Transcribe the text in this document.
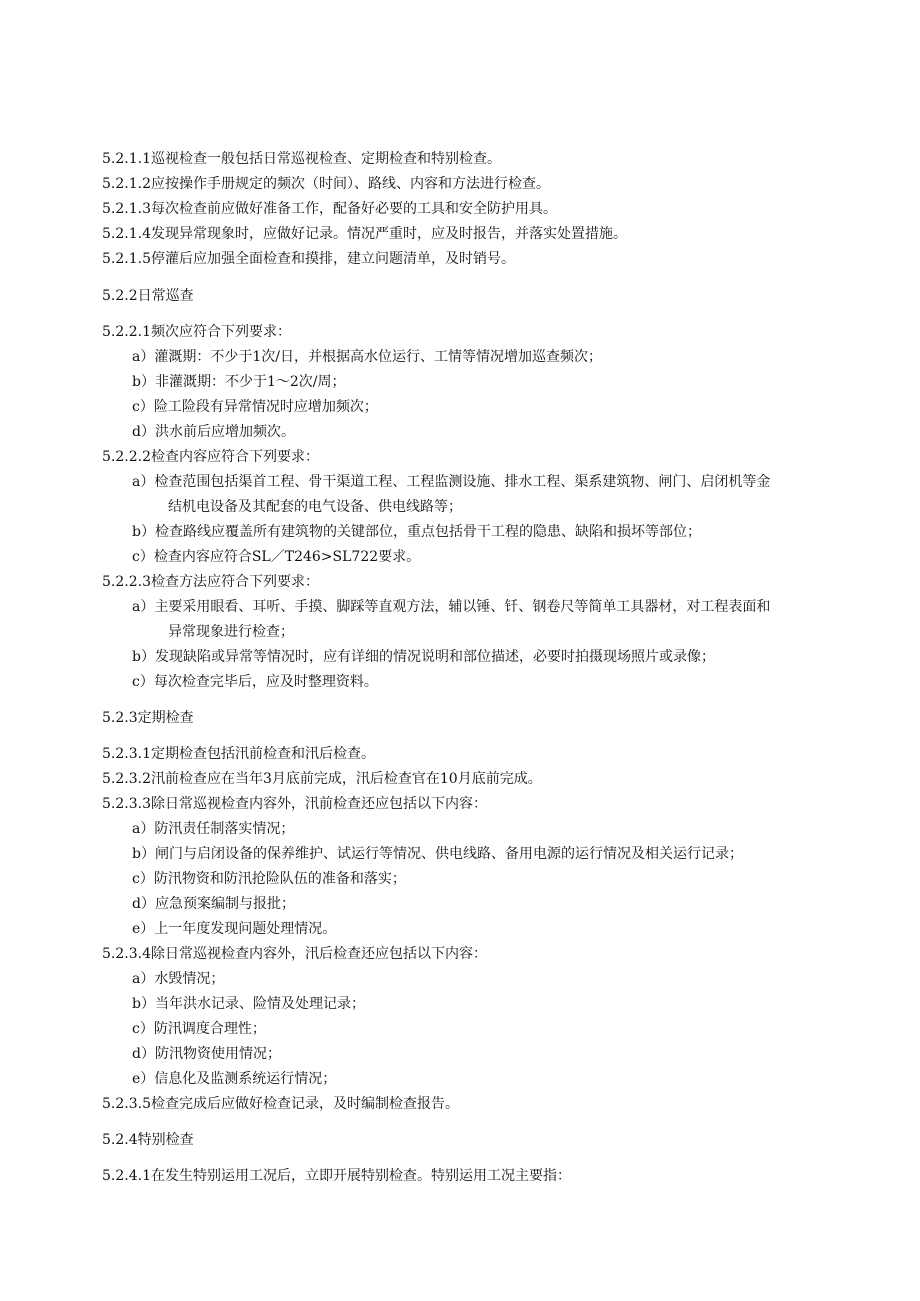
5.2.1.1巡视检查一般包括日常巡视检查、定期检查和特别检查。
5.2.1.2应按操作手册规定的频次（时间）、路线、内容和方法进行检查。
5.2.1.3每次检查前应做好准备工作，配备好必要的工具和安全防护用具。
5.2.1.4发现异常现象时，应做好记录。情况严重时，应及时报告，并落实处置措施。
5.2.1.5停灌后应加强全面检查和摸排，建立问题清单，及时销号。
5.2.2日常巡查
5.2.2.1频次应符合下列要求：
a）灌溉期：不少于1次/日，并根据高水位运行、工情等情况增加巡查频次；
b）非灌溉期：不少于1～2次/周；
c）险工险段有异常情况时应增加频次；
d）洪水前后应增加频次。
5.2.2.2检查内容应符合下列要求：
a）检查范围包括渠首工程、骨干渠道工程、工程监测设施、排水工程、渠系建筑物、闸门、启闭机等金
结机电设备及其配套的电气设备、供电线路等；
b）检查路线应覆盖所有建筑物的关键部位，重点包括骨干工程的隐患、缺陷和损坏等部位；
c）检查内容应符合SL／T246>SL722要求。
5.2.2.3检查方法应符合下列要求：
a）主要采用眼看、耳听、手摸、脚踩等直观方法，辅以锤、钎、钢卷尺等简单工具器材，对工程表面和
异常现象进行检查；
b）发现缺陷或异常等情况时，应有详细的情况说明和部位描述，必要时拍摄现场照片或录像；
c）每次检查完毕后，应及时整理资料。
5.2.3定期检查
5.2.3.1定期检查包括汛前检查和汛后检查。
5.2.3.2汛前检查应在当年3月底前完成，汛后检查官在10月底前完成。
5.2.3.3除日常巡视检查内容外，汛前检查还应包括以下内容：
a）防汛责任制落实情况；
b）闸门与启闭设备的保养维护、试运行等情况、供电线路、备用电源的运行情况及相关运行记录；
c）防汛物资和防汛抢险队伍的准备和落实；
d）应急预案编制与报批；
e）上一年度发现问题处理情况。
5.2.3.4除日常巡视检查内容外，汛后检查还应包括以下内容：
a）水毁情况；
b）当年洪水记录、险情及处理记录；
c）防汛调度合理性；
d）防汛物资使用情况；
e）信息化及监测系统运行情况；
5.2.3.5检查完成后应做好检查记录，及时编制检查报告。
5.2.4特别检查
5.2.4.1在发生特别运用工况后，立即开展特别检查。特别运用工况主要指：
